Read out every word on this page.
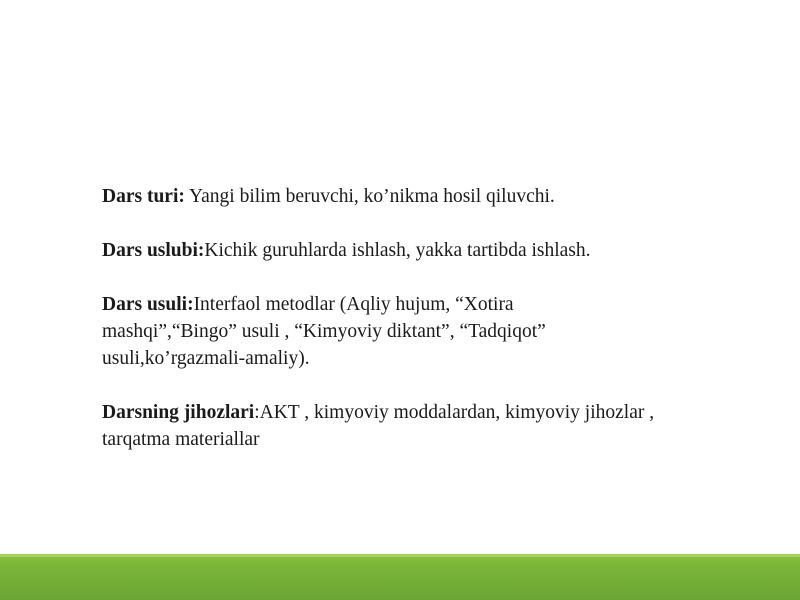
Dars turi: Yangi bilim beruvchi, ko’nikma hosil qiluvchi.

Dars uslubi:Kichik guruhlarda ishlash, yakka tartibda ishlash.

Dars usuli:Interfaol metodlar (Aqliy hujum, “Xotira mashqi”,“Bingo” usuli , “Kimyoviy diktant”, “Tadqiqot” usuli,ko’rgazmali-amaliy).

Darsning jihozlari:AKT , kimyoviy moddalardan, kimyoviy jihozlar , tarqatma materiallar
